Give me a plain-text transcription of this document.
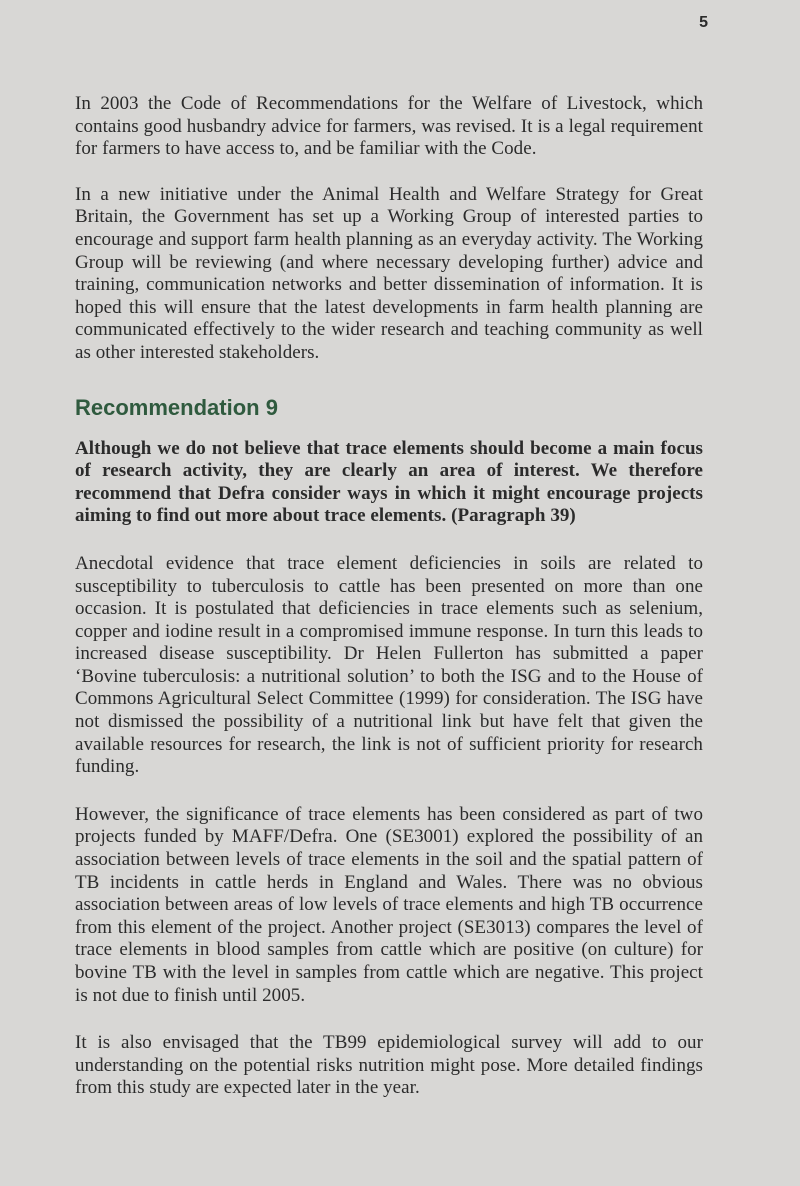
5

In 2003 the Code of Recommendations for the Welfare of Livestock, which contains good husbandry advice for farmers, was revised. It is a legal requirement for farmers to have access to, and be familiar with the Code.

In a new initiative under the Animal Health and Welfare Strategy for Great Britain, the Government has set up a Working Group of interested parties to encourage and support farm health planning as an everyday activity. The Working Group will be reviewing (and where necessary developing further) advice and training, communication networks and better dissemination of information. It is hoped this will ensure that the latest developments in farm health planning are communicated effectively to the wider research and teaching community as well as other interested stakeholders.

Recommendation 9

Although we do not believe that trace elements should become a main focus of research activity, they are clearly an area of interest. We therefore recommend that Defra consider ways in which it might encourage projects aiming to find out more about trace elements. (Paragraph 39)

Anecdotal evidence that trace element deficiencies in soils are related to susceptibility to tuberculosis to cattle has been presented on more than one occasion. It is postulated that deficiencies in trace elements such as selenium, copper and iodine result in a compromised immune response. In turn this leads to increased disease susceptibility. Dr Helen Fullerton has submitted a paper ‘Bovine tuberculosis: a nutritional solution’ to both the ISG and to the House of Commons Agricultural Select Committee (1999) for consideration. The ISG have not dismissed the possibility of a nutritional link but have felt that given the available resources for research, the link is not of sufficient priority for research funding.

However, the significance of trace elements has been considered as part of two projects funded by MAFF/Defra. One (SE3001) explored the possibility of an association between levels of trace elements in the soil and the spatial pattern of TB incidents in cattle herds in England and Wales. There was no obvious association between areas of low levels of trace elements and high TB occurrence from this element of the project. Another project (SE3013) compares the level of trace elements in blood samples from cattle which are positive (on culture) for bovine TB with the level in samples from cattle which are negative. This project is not due to finish until 2005.

It is also envisaged that the TB99 epidemiological survey will add to our understanding on the potential risks nutrition might pose. More detailed findings from this study are expected later in the year.
